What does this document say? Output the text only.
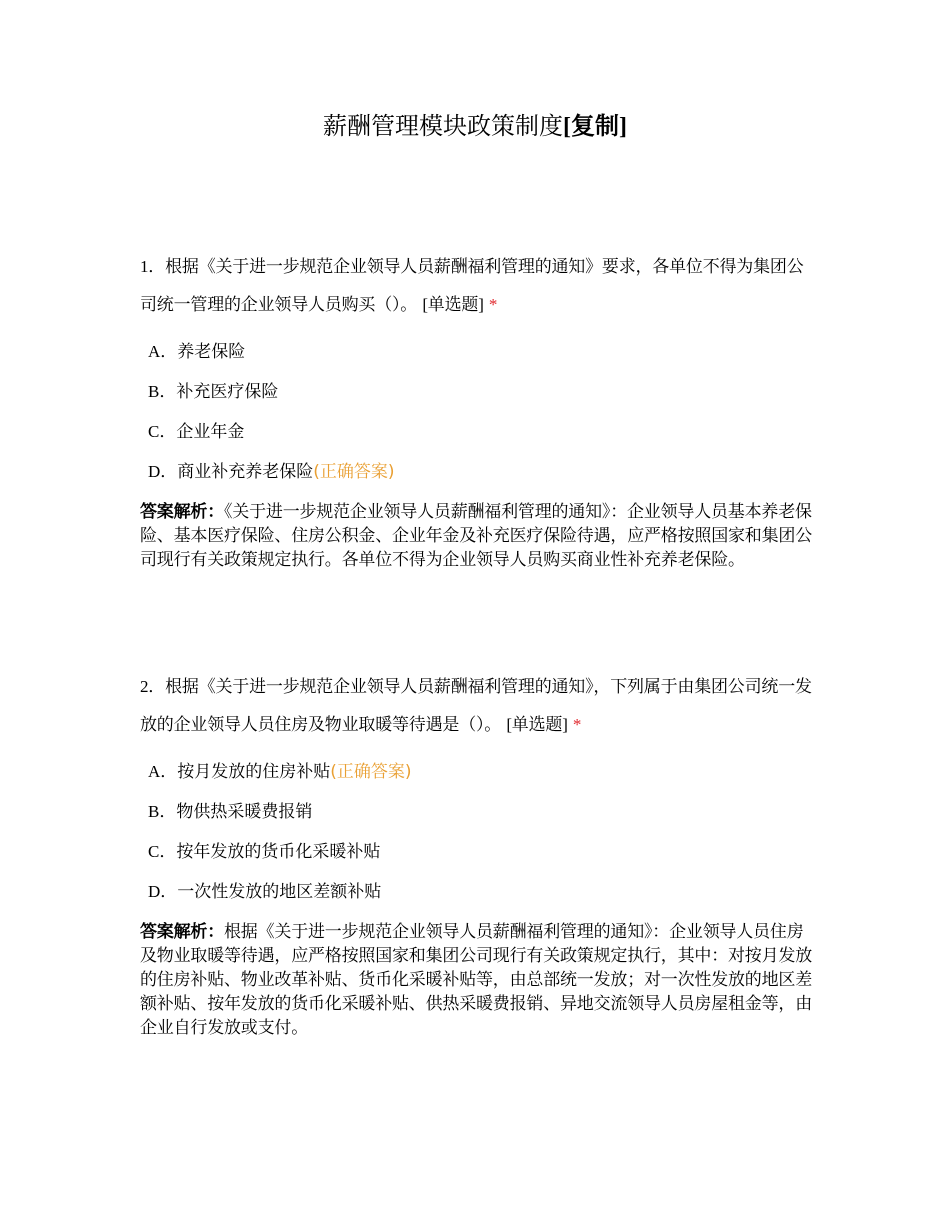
薪酬管理模块政策制度[复制]

1．根据《关于进一步规范企业领导人员薪酬福利管理的通知》要求，各单位不得为集团公司统一管理的企业领导人员购买（）。 [单选题] *

A．养老保险
B．补充医疗保险
C．企业年金
D．商业补充养老保险(正确答案)

答案解析：《关于进一步规范企业领导人员薪酬福利管理的通知》：企业领导人员基本养老保险、基本医疗保险、住房公积金、企业年金及补充医疗保险待遇，应严格按照国家和集团公司现行有关政策规定执行。各单位不得为企业领导人员购买商业性补充养老保险。

2．根据《关于进一步规范企业领导人员薪酬福利管理的通知》，下列属于由集团公司统一发放的企业领导人员住房及物业取暖等待遇是（）。 [单选题] *

A．按月发放的住房补贴(正确答案)
B．物供热采暖费报销
C．按年发放的货币化采暖补贴
D．一次性发放的地区差额补贴

答案解析：根据《关于进一步规范企业领导人员薪酬福利管理的通知》：企业领导人员住房及物业取暖等待遇，应严格按照国家和集团公司现行有关政策规定执行，其中：对按月发放的住房补贴、物业改革补贴、货币化采暖补贴等，由总部统一发放；对一次性发放的地区差额补贴、按年发放的货币化采暖补贴、供热采暖费报销、异地交流领导人员房屋租金等，由企业自行发放或支付。
